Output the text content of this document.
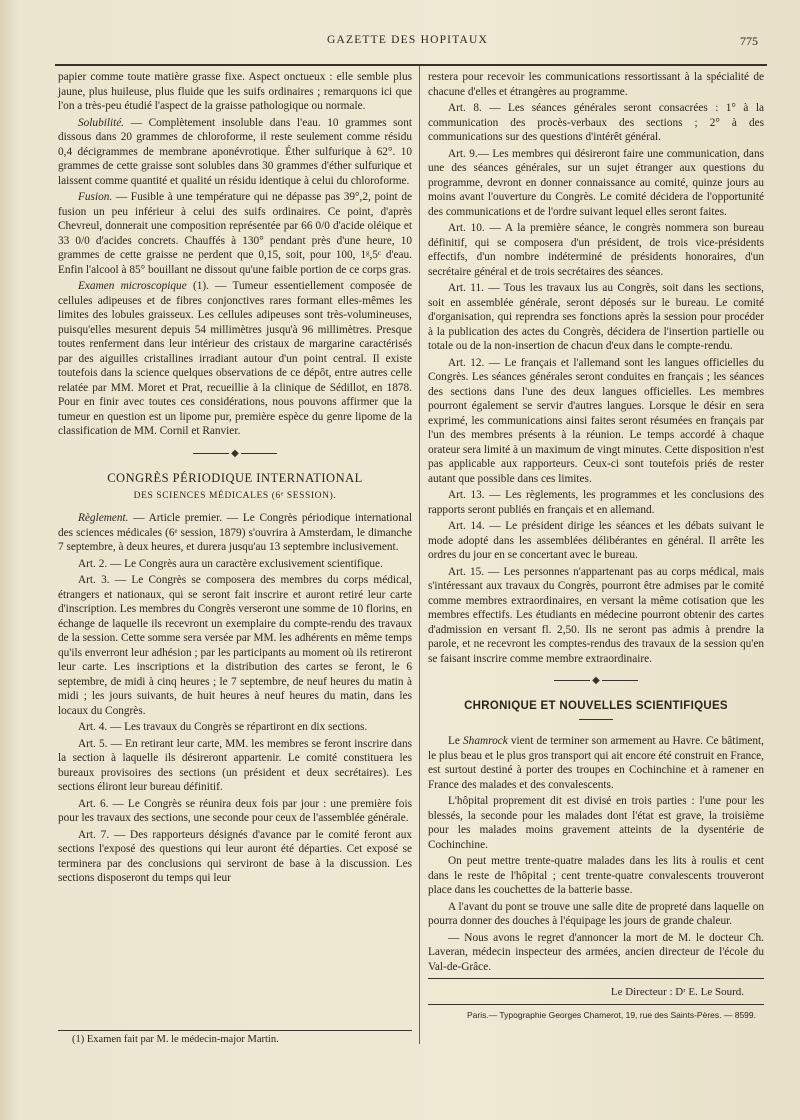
GAZETTE DES HOPITAUX	775

papier comme toute matière grasse fixe. Aspect onctueux : elle semble plus jaune, plus huileuse, plus fluide que les suifs ordinaires ; remarquons ici que l'on a très-peu étudié l'aspect de la graisse pathologique ou normale.

Solubilité. — Complètement insoluble dans l'eau. 10 grammes sont dissous dans 20 grammes de chloroforme, il reste seulement comme résidu 0,4 décigrammes de membrane aponévrotique. Éther sulfurique à 62°. 10 grammes de cette graisse sont solubles dans 30 grammes d'éther sulfurique et laissent comme quantité et qualité un résidu identique à celui du chloroforme.

Fusion. — Fusible à une température qui ne dépasse pas 39°,2, point de fusion un peu inférieur à celui des suifs ordinaires. Ce point, d'après Chevreul, donnerait une composition représentée par 66 0/0 d'acide oléique et 33 0/0 d'acides concrets. Chauffés à 130° pendant près d'une heure, 10 grammes de cette graisse ne perdent que 0,15, soit, pour 100, 1ᵍ,5ᶜ d'eau. Enfin l'alcool à 85° bouillant ne dissout qu'une faible portion de ce corps gras.

Examen microscopique (1). — Tumeur essentiellement composée de cellules adipeuses et de fibres conjonctives rares formant elles-mêmes les limites des lobules graisseux. Les cellules adipeuses sont très-volumineuses, puisqu'elles mesurent depuis 54 millimètres jusqu'à 96 millimètres. Presque toutes renferment dans leur intérieur des cristaux de margarine caractérisés par des aiguilles cristallines irradiant autour d'un point central. Il existe toutefois dans la science quelques observations de ce dépôt, entre autres celle relatée par MM. Moret et Prat, recueillie à la clinique de Sédillot, en 1878. Pour en finir avec toutes ces considérations, nous pouvons affirmer que la tumeur en question est un lipome pur, première espèce du genre lipome de la classification de MM. Cornil et Ranvier.

◆
CONGRÈS PÉRIODIQUE INTERNATIONAL
DES SCIENCES MÉDICALES (6ᵉ SESSION).

Règlement. — Article premier. — Le Congrès périodique international des sciences médicales (6ᵉ session, 1879) s'ouvrira à Amsterdam, le dimanche 7 septembre, à deux heures, et durera jusqu'au 13 septembre inclusivement.

Art. 2. — Le Congrès aura un caractère exclusivement scientifique.

Art. 3. — Le Congrès se composera des membres du corps médical, étrangers et nationaux, qui se seront fait inscrire et auront retiré leur carte d'inscription. Les membres du Congrès verseront une somme de 10 florins, en échange de laquelle ils recevront un exemplaire du compte-rendu des travaux de la session. Cette somme sera versée par MM. les adhérents en même temps qu'ils enverront leur adhésion ; par les participants au moment où ils retireront leur carte. Les inscriptions et la distribution des cartes se feront, le 6 septembre, de midi à cinq heures ; le 7 septembre, de neuf heures du matin à midi ; les jours suivants, de huit heures à neuf heures du matin, dans les locaux du Congrès.

Art. 4. — Les travaux du Congrès se répartiront en dix sections.

Art. 5. — En retirant leur carte, MM. les membres se feront inscrire dans la section à laquelle ils désireront appartenir. Le comité constituera les bureaux provisoires des sections (un président et deux secrétaires). Les sections éliront leur bureau définitif.

Art. 6. — Le Congrès se réunira deux fois par jour : une première fois pour les travaux des sections, une seconde pour ceux de l'assemblée générale.

Art. 7. — Des rapporteurs désignés d'avance par le comité feront aux sections l'exposé des questions qui leur auront été départies. Cet exposé se terminera par des conclusions qui serviront de base à la discussion. Les sections disposeront du temps qui leur

(1) Examen fait par M. le médecin-major Martin.

restera pour recevoir les communications ressortissant à la spécialité de chacune d'elles et étrangères au programme.

Art. 8. — Les séances générales seront consacrées : 1° à la communication des procès-verbaux des sections ; 2° à des communications sur des questions d'intérêt général.

Art. 9.— Les membres qui désireront faire une communication, dans une des séances générales, sur un sujet étranger aux questions du programme, devront en donner connaissance au comité, quinze jours au moins avant l'ouverture du Congrès. Le comité décidera de l'opportunité des communications et de l'ordre suivant lequel elles seront faites.

Art. 10. — A la première séance, le congrès nommera son bureau définitif, qui se composera d'un président, de trois vice-présidents effectifs, d'un nombre indéterminé de présidents honoraires, d'un secrétaire général et de trois secrétaires des séances.

Art. 11. — Tous les travaux lus au Congrès, soit dans les sections, soit en assemblée générale, seront déposés sur le bureau. Le comité d'organisation, qui reprendra ses fonctions après la session pour procéder à la publication des actes du Congrès, décidera de l'insertion partielle ou totale ou de la non-insertion de chacun d'eux dans le compte-rendu.

Art. 12. — Le français et l'allemand sont les langues officielles du Congrès. Les séances générales seront conduites en français ; les séances des sections dans l'une des deux langues officielles. Les membres pourront également se servir d'autres langues. Lorsque le désir en sera exprimé, les communications ainsi faites seront résumées en français par l'un des membres présents à la réunion. Le temps accordé à chaque orateur sera limité à un maximum de vingt minutes. Cette disposition n'est pas applicable aux rapporteurs. Ceux-ci sont toutefois priés de rester autant que possible dans ces limites.

Art. 13. — Les règlements, les programmes et les conclusions des rapports seront publiés en français et en allemand.

Art. 14. — Le président dirige les séances et les débats suivant le mode adopté dans les assemblées délibérantes en général. Il arrête les ordres du jour en se concertant avec le bureau.

Art. 15. — Les personnes n'appartenant pas au corps médical, mais s'intéressant aux travaux du Congrès, pourront être admises par le comité comme membres extraordinaires, en versant la même cotisation que les membres effectifs. Les étudiants en médecine pourront obtenir des cartes d'admission en versant fl. 2,50. Ils ne seront pas admis à prendre la parole, et ne recevront les comptes-rendus des travaux de la session qu'en se faisant inscrire comme membre extraordinaire.

◆
CHRONIQUE ET NOUVELLES SCIENTIFIQUES

Le Shamrock vient de terminer son armement au Havre. Ce bâtiment, le plus beau et le plus gros transport qui ait encore été construit en France, est surtout destiné à porter des troupes en Cochinchine et à ramener en France des malades et des convalescents.

L'hôpital proprement dit est divisé en trois parties : l'une pour les blessés, la seconde pour les malades dont l'état est grave, la troisième pour les malades moins gravement atteints de la dysentérie de Cochinchine.

On peut mettre trente-quatre malades dans les lits à roulis et cent dans le reste de l'hôpital ; cent trente-quatre convalescents trouveront place dans les couchettes de la batterie basse.

A l'avant du pont se trouve une salle dite de propreté dans laquelle on pourra donner des douches à l'équipage les jours de grande chaleur.

— Nous avons le regret d'annoncer la mort de M. le docteur Ch. Laveran, médecin inspecteur des armées, ancien directeur de l'école du Val-de-Grâce.

Le Directeur : Dʳ E. Le Sourd.
Paris.— Typographie Georges Chamerot, 19, rue des Saints-Pères. — 8599.
